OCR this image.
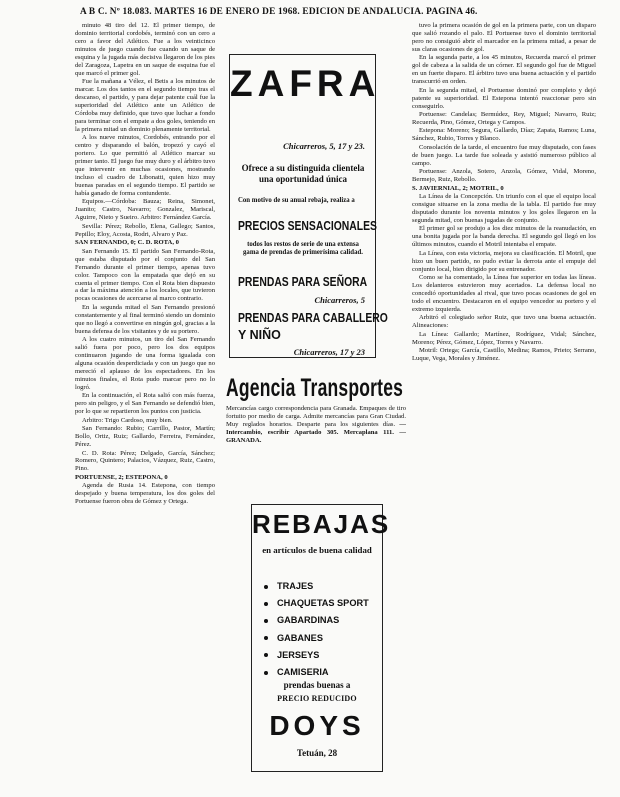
A B C. Nº 18.083. MARTES 16 DE ENERO DE 1968. EDICION DE ANDALUCIA. PAGINA 46.

minuto 48 tiro del 12. El primer tiempo, de dominio territorial cordobés, terminó con un cero a cero a favor del Atlético. Fue a los veinticinco minutos de juego cuando fue cuando un saque de esquina y la jugada más decisiva llegaron de los pies del Zaragoza, Lapetra en un saque de esquina fue el que marcó el primer gol.

Fue la mañana a Vélez, el Betis a los minutos de marcar. Los dos tantos en el segundo tiempo tras el descanso, el partido, y para dejar patente cuál fue la superioridad del Atlético ante un Atlético de Córdoba muy definido, que tuvo que luchar a fondo para terminar con el empate a dos goles, teniendo en la primera mitad un dominio plenamente territorial.

A los nueve minutos, Cordobés, entrando por el centro y disparando el balón, tropezó y cayó el portero. Lo que permitió al Atlético marcar su primer tanto. El juego fue muy duro y el árbitro tuvo que intervenir en muchas ocasiones, mostrando incluso el cuadro de Libonatti, quien hizo muy buenas paradas en el segundo tiempo. El partido se había ganado de forma contundente.

Equipos.—Córdoba: Bauza; Reina, Simonet, Juanito; Castro, Navarro; Gonzalez, Mariscal, Aguirre, Nieto y Sueiro. Arbitro: Fernández García.

Sevilla: Pérez; Rebollo, Elena, Gallego; Santos, Pepillo; Eloy, Acosta, Rodri, Alvaro y Paz.

SAN FERNANDO, 0; C. D. ROTA, 0

San Fernando 15. El partido San Fernando-Rota, que estaba disputado por el conjunto del San Fernando durante el primer tiempo, apenas tuvo color. Tampoco con la empatada que dejó en su cuenta el primer tiempo. Con el Rota bien dispuesto a dar la máxima atención a los locales, que tuvieron pocas ocasiones de acercarse al marco contrario.

En la segunda mitad el San Fernando presionó constantemente y al final terminó siendo un dominio que no llegó a convertirse en ningún gol, gracias a la buena defensa de los visitantes y de su portero.

A los cuatro minutos, un tiro del San Fernando salió fuera por poco, pero los dos equipos continuaron jugando de una forma igualada con alguna ocasión desperdiciada y con un juego que no mereció el aplauso de los espectadores. En los minutos finales, el Rota pudo marcar pero no lo logró.

En la continuación, el Rota salió con más fuerza, pero sin peligro, y el San Fernando se defendió bien, por lo que se repartieron los puntos con justicia.

Arbitro: Trigo Cardoso, muy bien.

San Fernando: Rubio; Carrillo, Pastor, Martín; Bollo, Ortiz, Ruiz; Gallardo, Ferreira, Fernández, Pérez.

C. D. Rota: Pérez; Delgado, García, Sánchez; Romero, Quintero; Palacios, Vázquez, Ruiz, Castro, Pino.

PORTUENSE, 2; ESTEPONA, 0

Agenda de Rusia 14. Estepona, con tiempo despejado y buena temperatura, los dos goles del Portuense fueron obra de Gómez y Ortega.

tuvo la primera ocasión de gol en la primera parte, con un disparo que salió rozando el palo. El Portuense tuvo el dominio territorial pero no consiguió abrir el marcador en la primera mitad, a pesar de sus claras ocasiones de gol.

En la segunda parte, a los 45 minutos, Recuerda marcó el primer gol de cabeza a la salida de un córner. El segundo gol fue de Miguel en un fuerte disparo. El árbitro tuvo una buena actuación y el partido transcurrió en orden.

En la segunda mitad, el Portuense dominó por completo y dejó patente su superioridad. El Estepona intentó reaccionar pero sin conseguirlo.

Portuense: Candelas; Bermúdez, Rey, Miguel; Navarro, Ruiz; Recuerda, Pino, Gómez, Ortega y Campos.

Estepona: Moreno; Segura, Gallardo, Díaz; Zapata, Ramos; Luna, Sánchez, Rubio, Torres y Blanco.

Consolación de la tarde, el encuentro fue muy disputado, con fases de buen juego. La tarde fue soleada y asistió numeroso público al campo.

Portuense: Anzola, Sotero, Anzola, Gómez, Vidal, Moreno, Bermejo, Ruiz, Rebollo.

S. JAVIERNIAL, 2; MOTRIL, 0

La Línea de la Concepción. Un triunfo con el que el equipo local consigue situarse en la zona media de la tabla. El partido fue muy disputado durante los noventa minutos y los goles llegaron en la segunda mitad, con buenas jugadas de conjunto.

El primer gol se produjo a los diez minutos de la reanudación, en una bonita jugada por la banda derecha. El segundo gol llegó en los últimos minutos, cuando el Motril intentaba el empate.

La Línea, con esta victoria, mejora su clasificación. El Motril, que hizo un buen partido, no pudo evitar la derrota ante el empuje del conjunto local, bien dirigido por su entrenador.

Como se ha comentado, la Línea fue superior en todas las líneas. Los delanteros estuvieron muy acertados. La defensa local no concedió oportunidades al rival, que tuvo pocas ocasiones de gol en todo el encuentro. Destacaron en el equipo vencedor su portero y el extremo izquierda.

Arbitró el colegiado señor Ruiz, que tuvo una buena actuación. Alineaciones:

La Línea: Gallardo; Martínez, Rodríguez, Vidal; Sánchez, Moreno; Pérez, Gómez, López, Torres y Navarro.

Motril: Ortega; García, Castillo, Medina; Ramos, Prieto; Serrano, Luque, Vega, Morales y Jiménez.

ZAFRA
Chicarreros, 5, 17 y 23.
Ofrece a su distinguida clientela una oportunidad única
Con motivo de su anual rebaja, realiza a
PRECIOS SENSACIONALES
todos los restos de serie de una extensa gama de prendas de primerísima calidad.
PRENDAS PARA SEÑORA
Chicarreros, 5
PRENDAS PARA CABALLERO
Y NIÑO
Chicarreros, 17 y 23
Agencia Transportes
Mercancías cargo correspondencia para Granada. Empaques de tiro fortuito por medio de carga. Admite mercancías para Gran Ciudad. Muy reglados horarios. Desparte para los siguientes días. — Intercambio, escribir Apartado 305. Mercaplana 111. — GRANADA.
REBAJAS
en artículos de buena calidad
TRAJES
CHAQUETAS SPORT
GABARDINAS
GABANES
JERSEYS
CAMISERIA
prendas buenas a
PRECIO REDUCIDO
DOYS
Tetuán, 28
